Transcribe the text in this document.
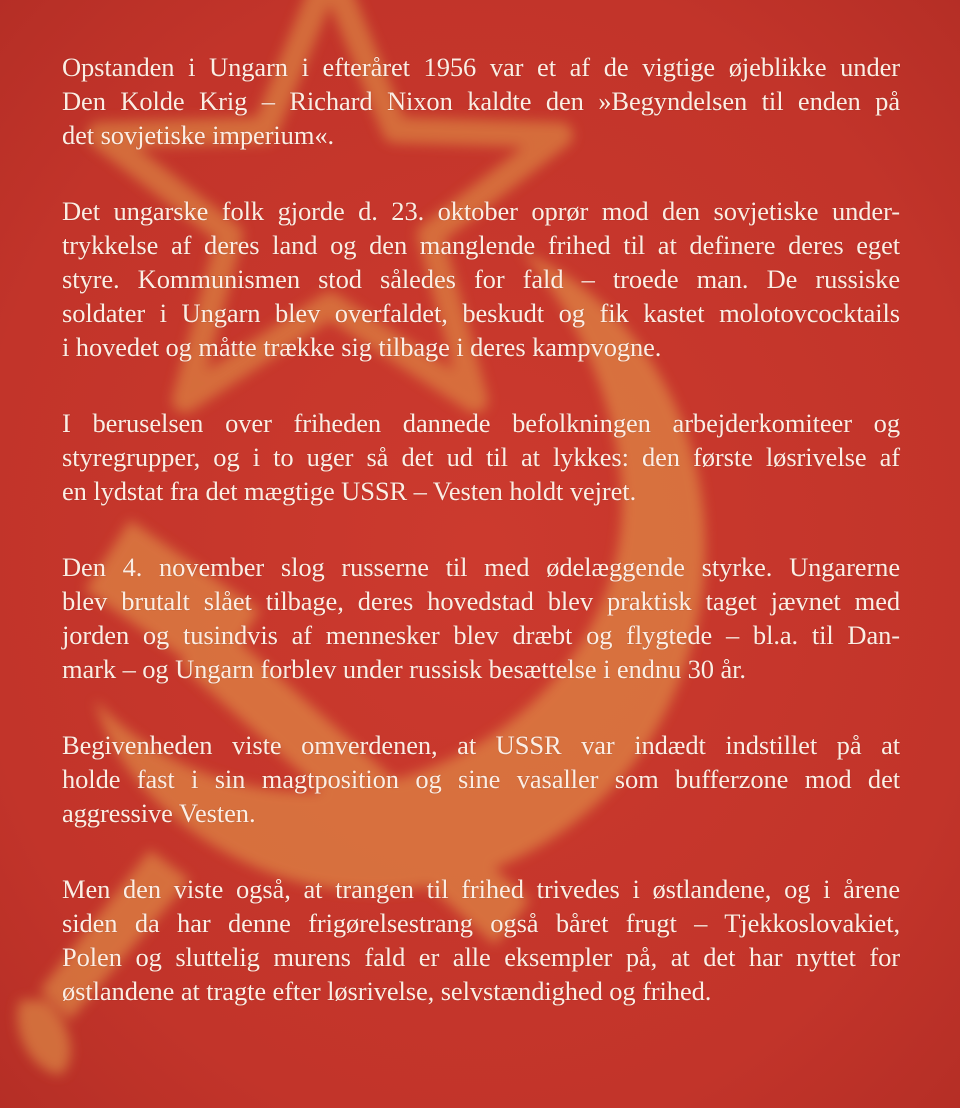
Opstanden i Ungarn i efteråret 1956 var et af de vigtige øjeblikke under
Den Kolde Krig – Richard Nixon kaldte den »Begyndelsen til enden på
det sovjetiske imperium«.

Det ungarske folk gjorde d. 23. oktober oprør mod den sovjetiske under-
trykkelse af deres land og den manglende frihed til at definere deres eget
styre. Kommunismen stod således for fald – troede man. De russiske
soldater i Ungarn blev overfaldet, beskudt og fik kastet molotovcocktails
i hovedet og måtte trække sig tilbage i deres kampvogne.

I beruselsen over friheden dannede befolkningen arbejderkomiteer og
styregrupper, og i to uger så det ud til at lykkes: den første løsrivelse af
en lydstat fra det mægtige USSR – Vesten holdt vejret.

Den 4. november slog russerne til med ødelæggende styrke. Ungarerne
blev brutalt slået tilbage, deres hovedstad blev praktisk taget jævnet med
jorden og tusindvis af mennesker blev dræbt og flygtede – bl.a. til Dan-
mark – og Ungarn forblev under russisk besættelse i endnu 30 år.

Begivenheden viste omverdenen, at USSR var indædt indstillet på at
holde fast i sin magtposition og sine vasaller som bufferzone mod det
aggressive Vesten.

Men den viste også, at trangen til frihed trivedes i østlandene, og i årene
siden da har denne frigørelsestrang også båret frugt – Tjekkoslovakiet,
Polen og sluttelig murens fald er alle eksempler på, at det har nyttet for
østlandene at tragte efter løsrivelse, selvstændighed og frihed.
